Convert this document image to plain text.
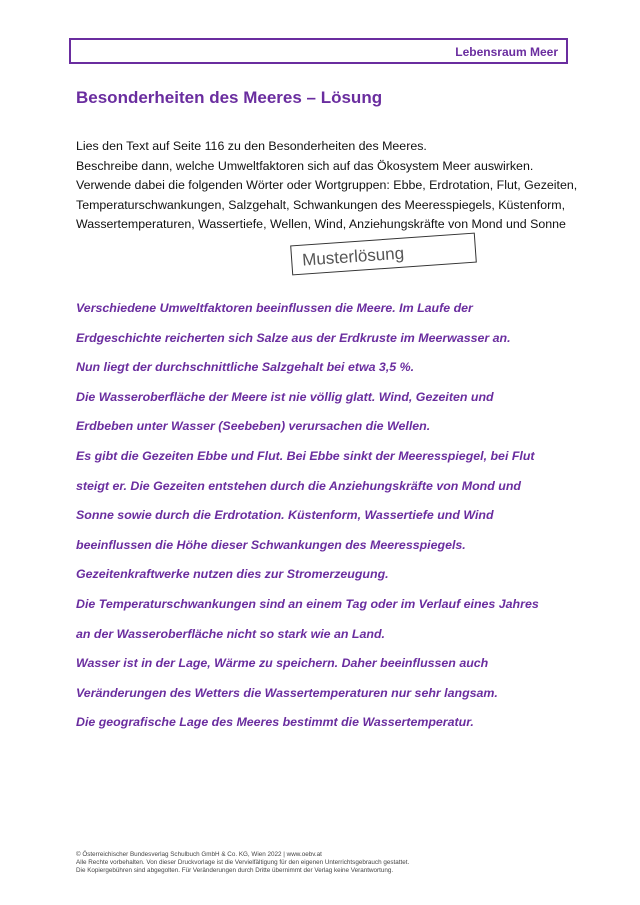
Lebensraum Meer
Besonderheiten des Meeres – Lösung

Lies den Text auf Seite 116 zu den Besonderheiten des Meeres.

Beschreibe dann, welche Umweltfaktoren sich auf das Ökosystem Meer auswirken.

Verwende dabei die folgenden Wörter oder Wortgruppen: Ebbe, Erdrotation, Flut, Gezeiten,

Temperaturschwankungen, Salzgehalt, Schwankungen des Meeresspiegels, Küstenform,

Wassertemperaturen, Wassertiefe, Wellen, Wind, Anziehungskräfte von Mond und Sonne

Musterlösung

Verschiedene Umweltfaktoren beeinflussen die Meere. Im Laufe der

Erdgeschichte reicherten sich Salze aus der Erdkruste im Meerwasser an.

Nun liegt der durchschnittliche Salzgehalt bei etwa 3,5 %.

Die Wasseroberfläche der Meere ist nie völlig glatt. Wind, Gezeiten und

Erdbeben unter Wasser (Seebeben) verursachen die Wellen.

Es gibt die Gezeiten Ebbe und Flut. Bei Ebbe sinkt der Meeresspiegel, bei Flut

steigt er. Die Gezeiten entstehen durch die Anziehungskräfte von Mond und

Sonne sowie durch die Erdrotation. Küstenform, Wassertiefe und Wind

beeinflussen die Höhe dieser Schwankungen des Meeresspiegels.

Gezeitenkraftwerke nutzen dies zur Stromerzeugung.

Die Temperaturschwankungen sind an einem Tag oder im Verlauf eines Jahres

an der Wasseroberfläche nicht so stark wie an Land.

Wasser ist in der Lage, Wärme zu speichern. Daher beeinflussen auch

Veränderungen des Wetters die Wassertemperaturen nur sehr langsam.

Die geografische Lage des Meeres bestimmt die Wassertemperatur.

© Österreichischer Bundesverlag Schulbuch GmbH & Co. KG, Wien 2022 | www.oebv.at

Alle Rechte vorbehalten. Von dieser Druckvorlage ist die Vervielfältigung für den eigenen Unterrichtsgebrauch gestattet.

Die Kopiergebühren sind abgegolten. Für Veränderungen durch Dritte übernimmt der Verlag keine Verantwortung.
